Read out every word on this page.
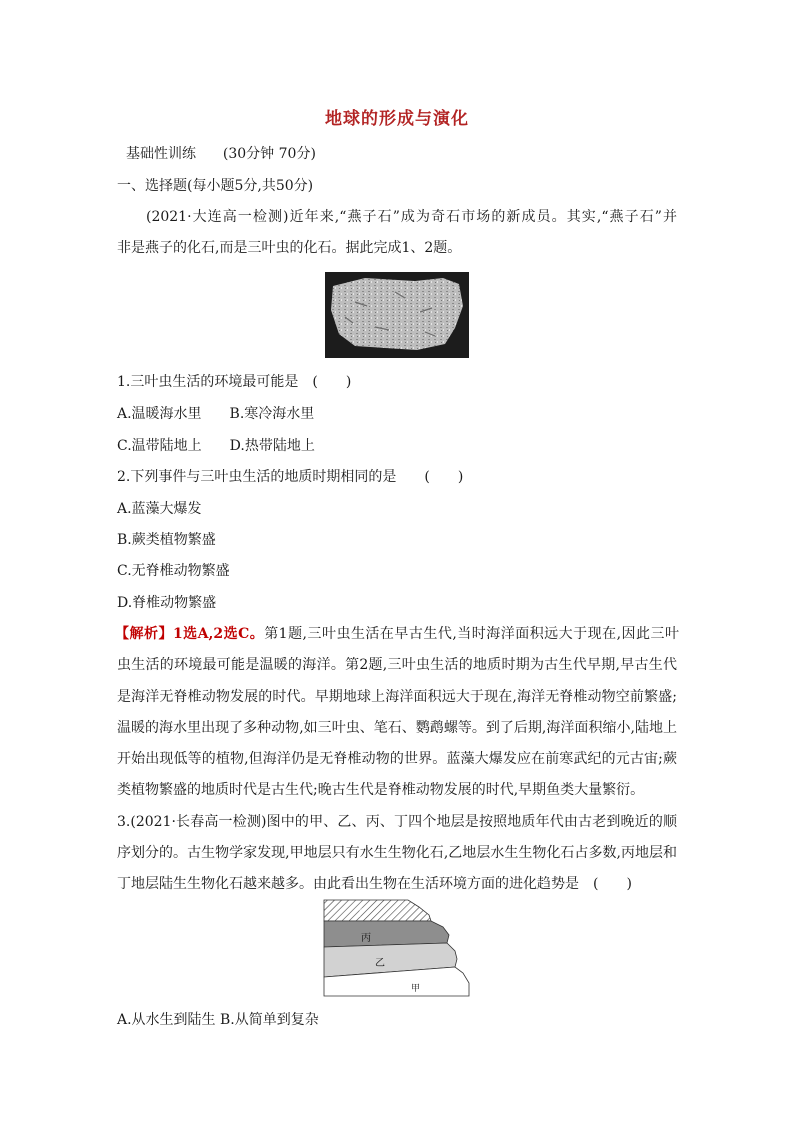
地球的形成与演化
基础性训练 (30分钟 70分)
一、选择题(每小题5分,共50分)
(2021·大连高一检测)近年来,“燕子石”成为奇石市场的新成员。其实,“燕子石”并
非是燕子的化石,而是三叶虫的化石。据此完成1、2题。
1.三叶虫生活的环境最可能是　(　　)
A.温暖海水里　　B.寒冷海水里
C.温带陆地上　　D.热带陆地上
2.下列事件与三叶虫生活的地质时期相同的是　　(　　)
A.蓝藻大爆发
B.蕨类植物繁盛
C.无脊椎动物繁盛
D.脊椎动物繁盛
【解析】1选A,2选C。第1题,三叶虫生活在早古生代,当时海洋面积远大于现在,因此三叶
虫生活的环境最可能是温暖的海洋。第2题,三叶虫生活的地质时期为古生代早期,早古生代
是海洋无脊椎动物发展的时代。早期地球上海洋面积远大于现在,海洋无脊椎动物空前繁盛;
温暖的海水里出现了多种动物,如三叶虫、笔石、鹦鹉螺等。到了后期,海洋面积缩小,陆地上
开始出现低等的植物,但海洋仍是无脊椎动物的世界。蓝藻大爆发应在前寒武纪的元古宙;蕨
类植物繁盛的地质时代是古生代;晚古生代是脊椎动物发展的时代,早期鱼类大量繁衍。
3.(2021·长春高一检测)图中的甲、乙、丙、丁四个地层是按照地质年代由古老到晚近的顺
序划分的。古生物学家发现,甲地层只有水生生物化石,乙地层水生生物化石占多数,丙地层和
丁地层陆生生物化石越来越多。由此看出生物在生活环境方面的进化趋势是　(　　)
丁
丙
乙
甲
A.从水生到陆生 B.从简单到复杂
